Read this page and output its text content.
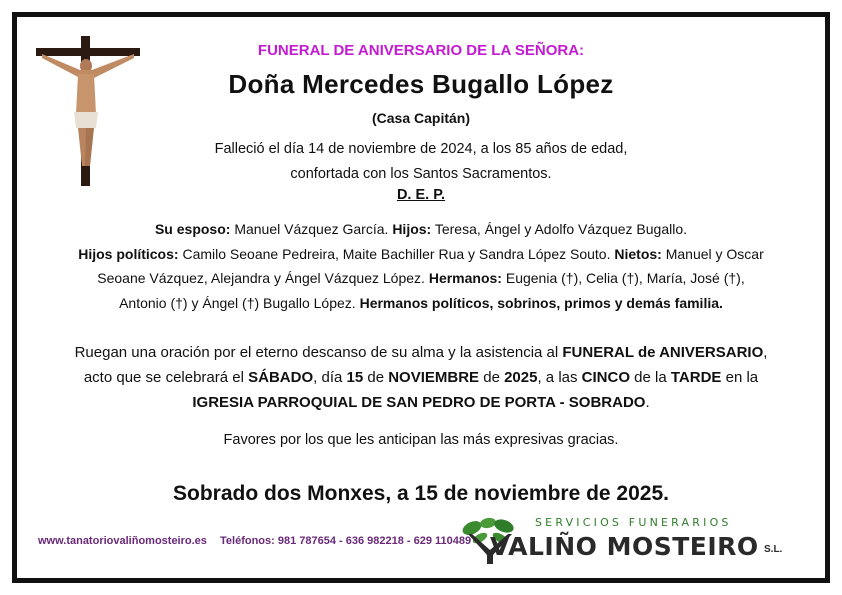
FUNERAL DE ANIVERSARIO DE LA SEÑORA:
Doña Mercedes Bugallo López
(Casa Capitán)
Falleció el día 14 de noviembre de 2024, a los 85 años de edad,
confortada con los Santos Sacramentos.
D. E. P.
Su esposo: Manuel Vázquez García. Hijos: Teresa, Ángel y Adolfo Vázquez Bugallo.
Hijos políticos: Camilo Seoane Pedreira, Maite Bachiller Rua y Sandra López Souto. Nietos: Manuel y Oscar Seoane Vázquez, Alejandra y Ángel Vázquez López. Hermanos: Eugenia (†), Celia (†), María, José (†), Antonio (†) y Ángel (†) Bugallo López. Hermanos políticos, sobrinos, primos y demás familia.
Ruegan una oración por el eterno descanso de su alma y la asistencia al FUNERAL de ANIVERSARIO, acto que se celebrará el SÁBADO, día 15 de NOVIEMBRE de 2025, a las CINCO de la TARDE en la IGRESIA PARROQUIAL DE SAN PEDRO DE PORTA - SOBRADO.
Favores por los que les anticipan las más expresivas gracias.
Sobrado dos Monxes, a 15 de noviembre de 2025.
www.tanatoriovaliñomosteiro.es Teléfonos: 981 787654 - 636 982218 - 629 110489
SERVICIOS FUNERARIOS
VALIÑO MOSTEIRO S.L.
